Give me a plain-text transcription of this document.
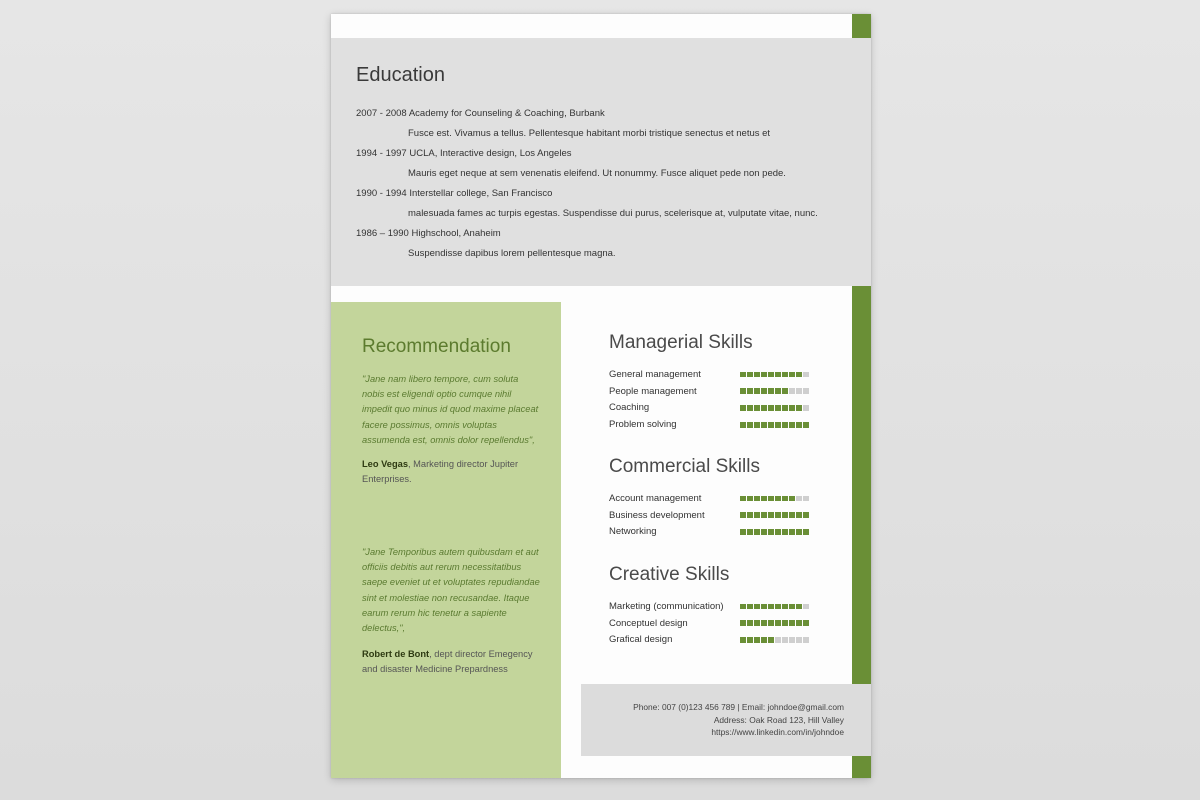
Education
2007 - 2008 Academy for Counseling & Coaching, Burbank
Fusce est. Vivamus a tellus. Pellentesque habitant morbi tristique senectus et netus et
1994 - 1997 UCLA, Interactive design, Los Angeles
Mauris eget neque at sem venenatis eleifend. Ut nonummy. Fusce aliquet pede non pede.
1990 - 1994 Interstellar college, San Francisco
malesuada fames ac turpis egestas. Suspendisse dui purus, scelerisque at, vulputate vitae, nunc.
1986 – 1990 Highschool, Anaheim
Suspendisse dapibus lorem pellentesque magna.
Recommendation
"Jane nam libero tempore, cum soluta nobis est eligendi optio cumque nihil impedit quo minus id quod maxime placeat facere possimus, omnis voluptas assumenda est, omnis dolor repellendus",
Leo Vegas, Marketing director Jupiter Enterprises.
"Jane Temporibus autem quibusdam et aut officiis debitis aut rerum necessitatibus saepe eveniet ut et voluptates repudiandae sint et molestiae non recusandae. Itaque earum rerum hic tenetur a sapiente delectus,",
Robert de Bont, dept director Emegency and disaster Medicine Prepardness
Managerial Skills
General management
People management
Coaching
Problem solving
Commercial Skills
Account management
Business development
Networking
Creative Skills
Marketing (communication)
Conceptuel design
Grafical design
Phone: 007 (0)123 456 789 | Email: johndoe@gmail.com
Address: Oak Road 123, Hill Valley
https://www.linkedin.com/in/johndoe
